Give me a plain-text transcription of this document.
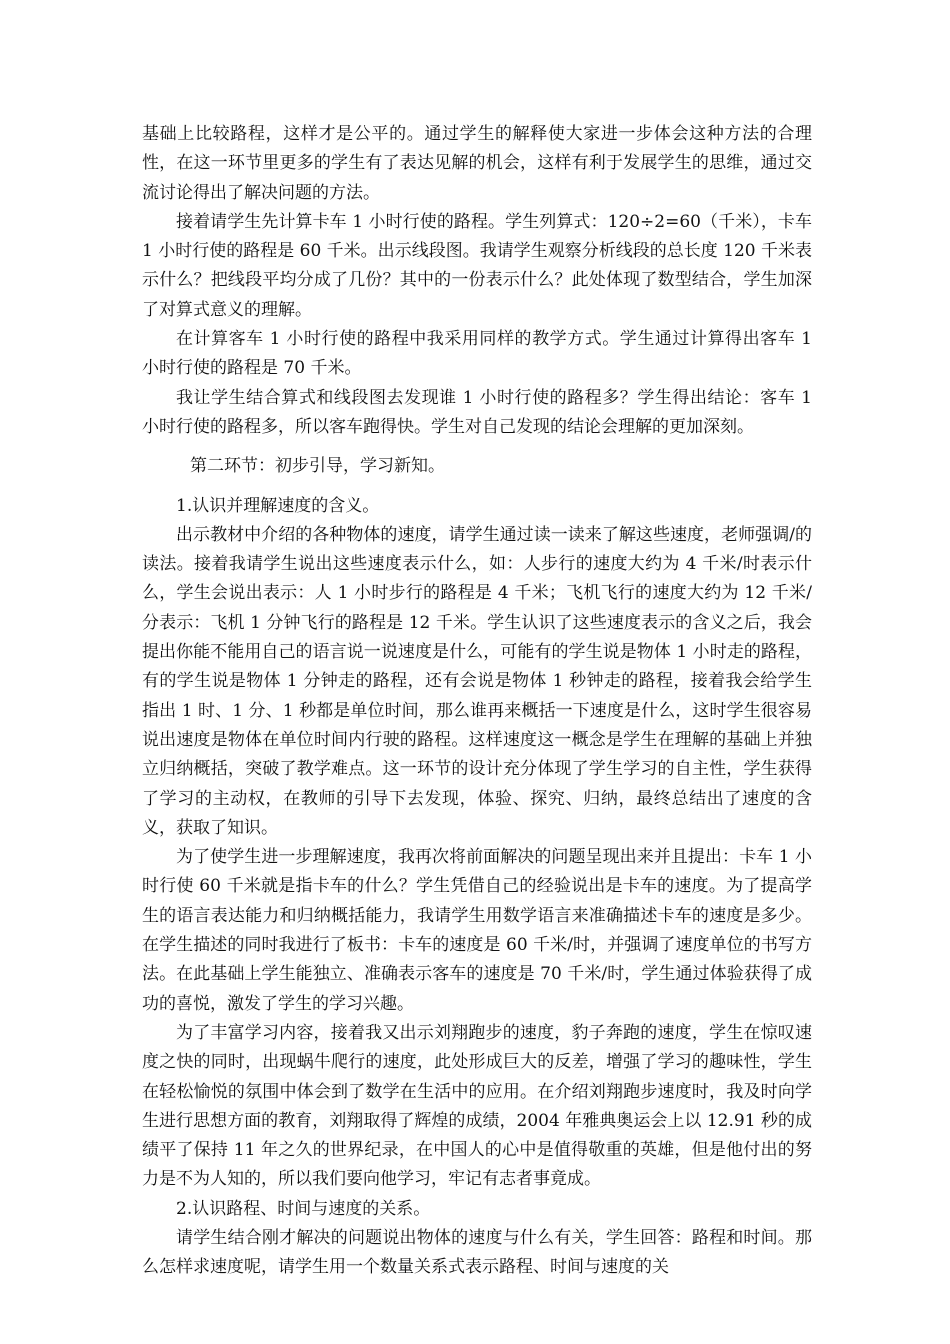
基础上比较路程，这样才是公平的。通过学生的解释使大家进一步体会这种方法的合理性，在这一环节里更多的学生有了表达见解的机会，这样有利于发展学生的思维，通过交流讨论得出了解决问题的方法。

接着请学生先计算卡车 1 小时行使的路程。学生列算式：120÷2=60（千米），卡车 1 小时行使的路程是 60 千米。出示线段图。我请学生观察分析线段的总长度 120 千米表示什么？把线段平均分成了几份？其中的一份表示什么？此处体现了数型结合，学生加深了对算式意义的理解。

在计算客车 1 小时行使的路程中我采用同样的教学方式。学生通过计算得出客车 1 小时行使的路程是 70 千米。

我让学生结合算式和线段图去发现谁 1 小时行使的路程多？学生得出结论：客车 1 小时行使的路程多，所以客车跑得快。学生对自己发现的结论会理解的更加深刻。

第二环节：初步引导，学习新知。

1.认识并理解速度的含义。

出示教材中介绍的各种物体的速度，请学生通过读一读来了解这些速度，老师强调/的读法。接着我请学生说出这些速度表示什么，如：人步行的速度大约为 4 千米/时表示什么，学生会说出表示：人 1 小时步行的路程是 4 千米；飞机飞行的速度大约为 12 千米/分表示：飞机 1 分钟飞行的路程是 12 千米。学生认识了这些速度表示的含义之后，我会提出你能不能用自己的语言说一说速度是什么，可能有的学生说是物体 1 小时走的路程，有的学生说是物体 1 分钟走的路程，还有会说是物体 1 秒钟走的路程，接着我会给学生指出 1 时、1 分、1 秒都是单位时间，那么谁再来概括一下速度是什么，这时学生很容易说出速度是物体在单位时间内行驶的路程。这样速度这一概念是学生在理解的基础上并独立归纳概括，突破了教学难点。这一环节的设计充分体现了学生学习的自主性，学生获得了学习的主动权，在教师的引导下去发现，体验、探究、归纳，最终总结出了速度的含义，获取了知识。

为了使学生进一步理解速度，我再次将前面解决的问题呈现出来并且提出：卡车 1 小时行使 60 千米就是指卡车的什么？学生凭借自己的经验说出是卡车的速度。为了提高学生的语言表达能力和归纳概括能力，我请学生用数学语言来准确描述卡车的速度是多少。在学生描述的同时我进行了板书：卡车的速度是 60 千米/时，并强调了速度单位的书写方法。在此基础上学生能独立、准确表示客车的速度是 70 千米/时，学生通过体验获得了成功的喜悦，激发了学生的学习兴趣。

为了丰富学习内容，接着我又出示刘翔跑步的速度，豹子奔跑的速度，学生在惊叹速度之快的同时，出现蜗牛爬行的速度，此处形成巨大的反差，增强了学习的趣味性，学生在轻松愉悦的氛围中体会到了数学在生活中的应用。在介绍刘翔跑步速度时，我及时向学生进行思想方面的教育，刘翔取得了辉煌的成绩，2004 年雅典奥运会上以 12.91 秒的成绩平了保持 11 年之久的世界纪录，在中国人的心中是值得敬重的英雄，但是他付出的努力是不为人知的，所以我们要向他学习，牢记有志者事竟成。

2.认识路程、时间与速度的关系。

请学生结合刚才解决的问题说出物体的速度与什么有关，学生回答：路程和时间。那么怎样求速度呢，请学生用一个数量关系式表示路程、时间与速度的关
